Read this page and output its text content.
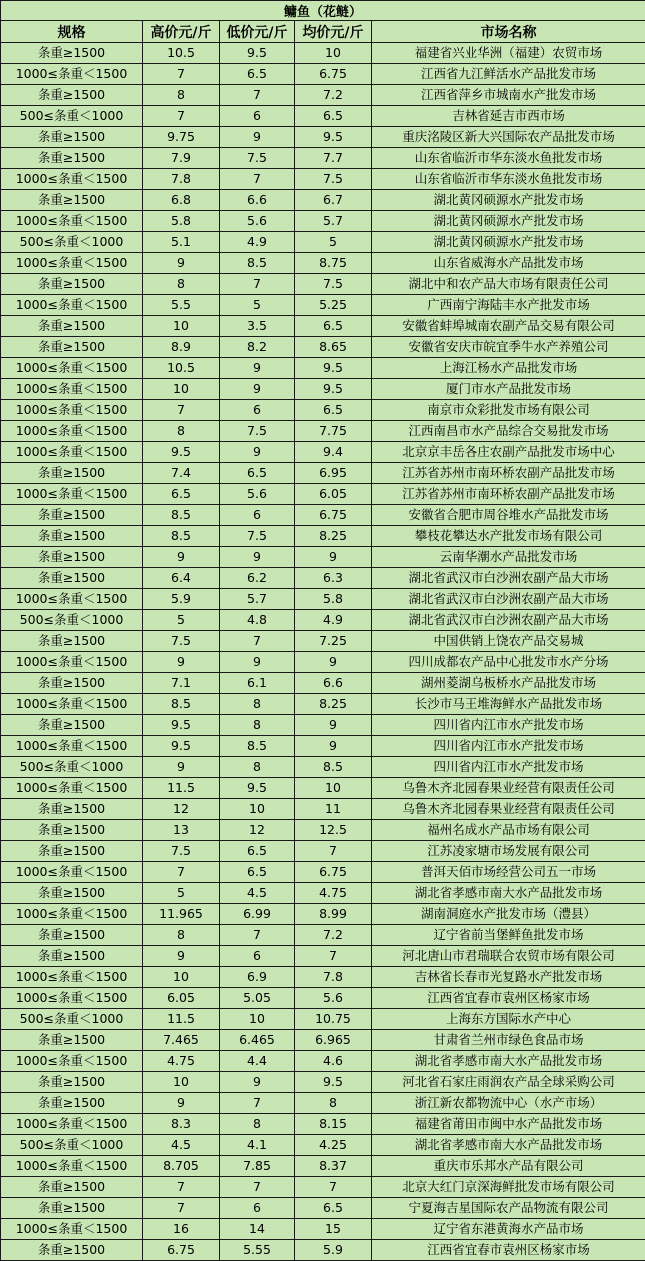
鳙鱼（花鲢）				
规格	高价元/斤	低价元/斤	均价元/斤	市场名称
条重≥1500	10.5	9.5	10	福建省兴业华洲（福建）农贸市场
1000≤条重＜1500	7	6.5	6.75	江西省九江鲜活水产品批发市场
条重≥1500	8	7	7.2	江西省萍乡市城南水产批发市场
500≤条重＜1000	7	6	6.5	吉林省延吉市西市场
条重≥1500	9.75	9	9.5	重庆洺陵区新大兴国际农产品批发市场
条重≥1500	7.9	7.5	7.7	山东省临沂市华东淡水鱼批发市场
1000≤条重＜1500	7.8	7	7.5	山东省临沂市华东淡水鱼批发市场
条重≥1500	6.8	6.6	6.7	湖北黄冈硕源水产批发市场
1000≤条重＜1500	5.8	5.6	5.7	湖北黄冈硕源水产批发市场
500≤条重＜1000	5.1	4.9	5	湖北黄冈硕源水产批发市场
1000≤条重＜1500	9	8.5	8.75	山东省威海水产品批发市场
条重≥1500	8	7	7.5	湖北中和农产品大市场有限责任公司
1000≤条重＜1500	5.5	5	5.25	广西南宁海陆丰水产批发市场
条重≥1500	10	3.5	6.5	安徽省蚌埠城南农副产品交易有限公司
条重≥1500	8.9	8.2	8.65	安徽省安庆市皖宜季牛水产养殖公司
1000≤条重＜1500	10.5	9	9.5	上海江杨水产品批发市场
1000≤条重＜1500	10	9	9.5	厦门市水产品批发市场
1000≤条重＜1500	7	6	6.5	南京市众彩批发市场有限公司
1000≤条重＜1500	8	7.5	7.75	江西南昌市水产品综合交易批发市场
1000≤条重＜1500	9.5	9	9.4	北京京丰岳各庄农副产品批发市场中心
条重≥1500	7.4	6.5	6.95	江苏省苏州市南环桥农副产品批发市场
1000≤条重＜1500	6.5	5.6	6.05	江苏省苏州市南环桥农副产品批发市场
条重≥1500	8.5	6	6.75	安徽省合肥市周谷堆水产品批发市场
条重≥1500	8.5	7.5	8.25	攀枝花攀达水产批发市场有限公司
条重≥1500	9	9	9	云南华潮水产品批发市场
条重≥1500	6.4	6.2	6.3	湖北省武汉市白沙洲农副产品大市场
1000≤条重＜1500	5.9	5.7	5.8	湖北省武汉市白沙洲农副产品大市场
500≤条重＜1000	5	4.8	4.9	湖北省武汉市白沙洲农副产品大市场
条重≥1500	7.5	7	7.25	中国供销上饶农产品交易城
1000≤条重＜1500	9	9	9	四川成都农产品中心批发市水产分场
条重≥1500	7.1	6.1	6.6	湖州菱湖乌板桥水产品批发市场
1000≤条重＜1500	8.5	8	8.25	长沙市马王堆海鲜水产品批发市场
条重≥1500	9.5	8	9	四川省内江市水产批发市场
1000≤条重＜1500	9.5	8.5	9	四川省内江市水产批发市场
500≤条重＜1000	9	8	8.5	四川省内江市水产批发市场
1000≤条重＜1500	11.5	9.5	10	乌鲁木齐北园春果业经营有限责任公司
条重≥1500	12	10	11	乌鲁木齐北园春果业经营有限责任公司
条重≥1500	13	12	12.5	福州名成水产品市场有限公司
条重≥1500	7.5	6.5	7	江苏凌家塘市场发展有限公司
1000≤条重＜1500	7	6.5	6.75	普洱天佰市场经营公司五一市场
条重≥1500	5	4.5	4.75	湖北省孝感市南大水产品批发市场
1000≤条重＜1500	11.965	6.99	8.99	湖南洞庭水产批发市场（澧县）
条重≥1500	8	7	7.2	辽宁省前当堡鲜鱼批发市场
条重≥1500	9	6	7	河北唐山市君瑞联合农贸市场有限公司
1000≤条重＜1500	10	6.9	7.8	吉林省长春市光复路水产批发市场
1000≤条重＜1500	6.05	5.05	5.6	江西省宜春市袁州区杨家市场
500≤条重＜1000	11.5	10	10.75	上海东方国际水产中心
条重≥1500	7.465	6.465	6.965	甘肃省兰州市绿色食品市场
1000≤条重＜1500	4.75	4.4	4.6	湖北省孝感市南大水产品批发市场
条重≥1500	10	9	9.5	河北省石家庄雨润农产品全球采购公司
条重≥1500	9	7	8	浙江新农都物流中心（水产市场）
1000≤条重＜1500	8.3	8	8.15	福建省莆田市闽中水产品批发市场
500≤条重＜1000	4.5	4.1	4.25	湖北省孝感市南大水产品批发市场
1000≤条重＜1500	8.705	7.85	8.37	重庆市乐邦水产品有限公司
条重≥1500	7	7	7	北京大红门京深海鲜批发市场有限公司
条重≥1500	7	6	6.5	宁夏海吉星国际农产品物流有限公司
1000≤条重＜1500	16	14	15	辽宁省东港黄海水产品市场
条重≥1500	6.75	5.55	5.9	江西省宜春市袁州区杨家市场
